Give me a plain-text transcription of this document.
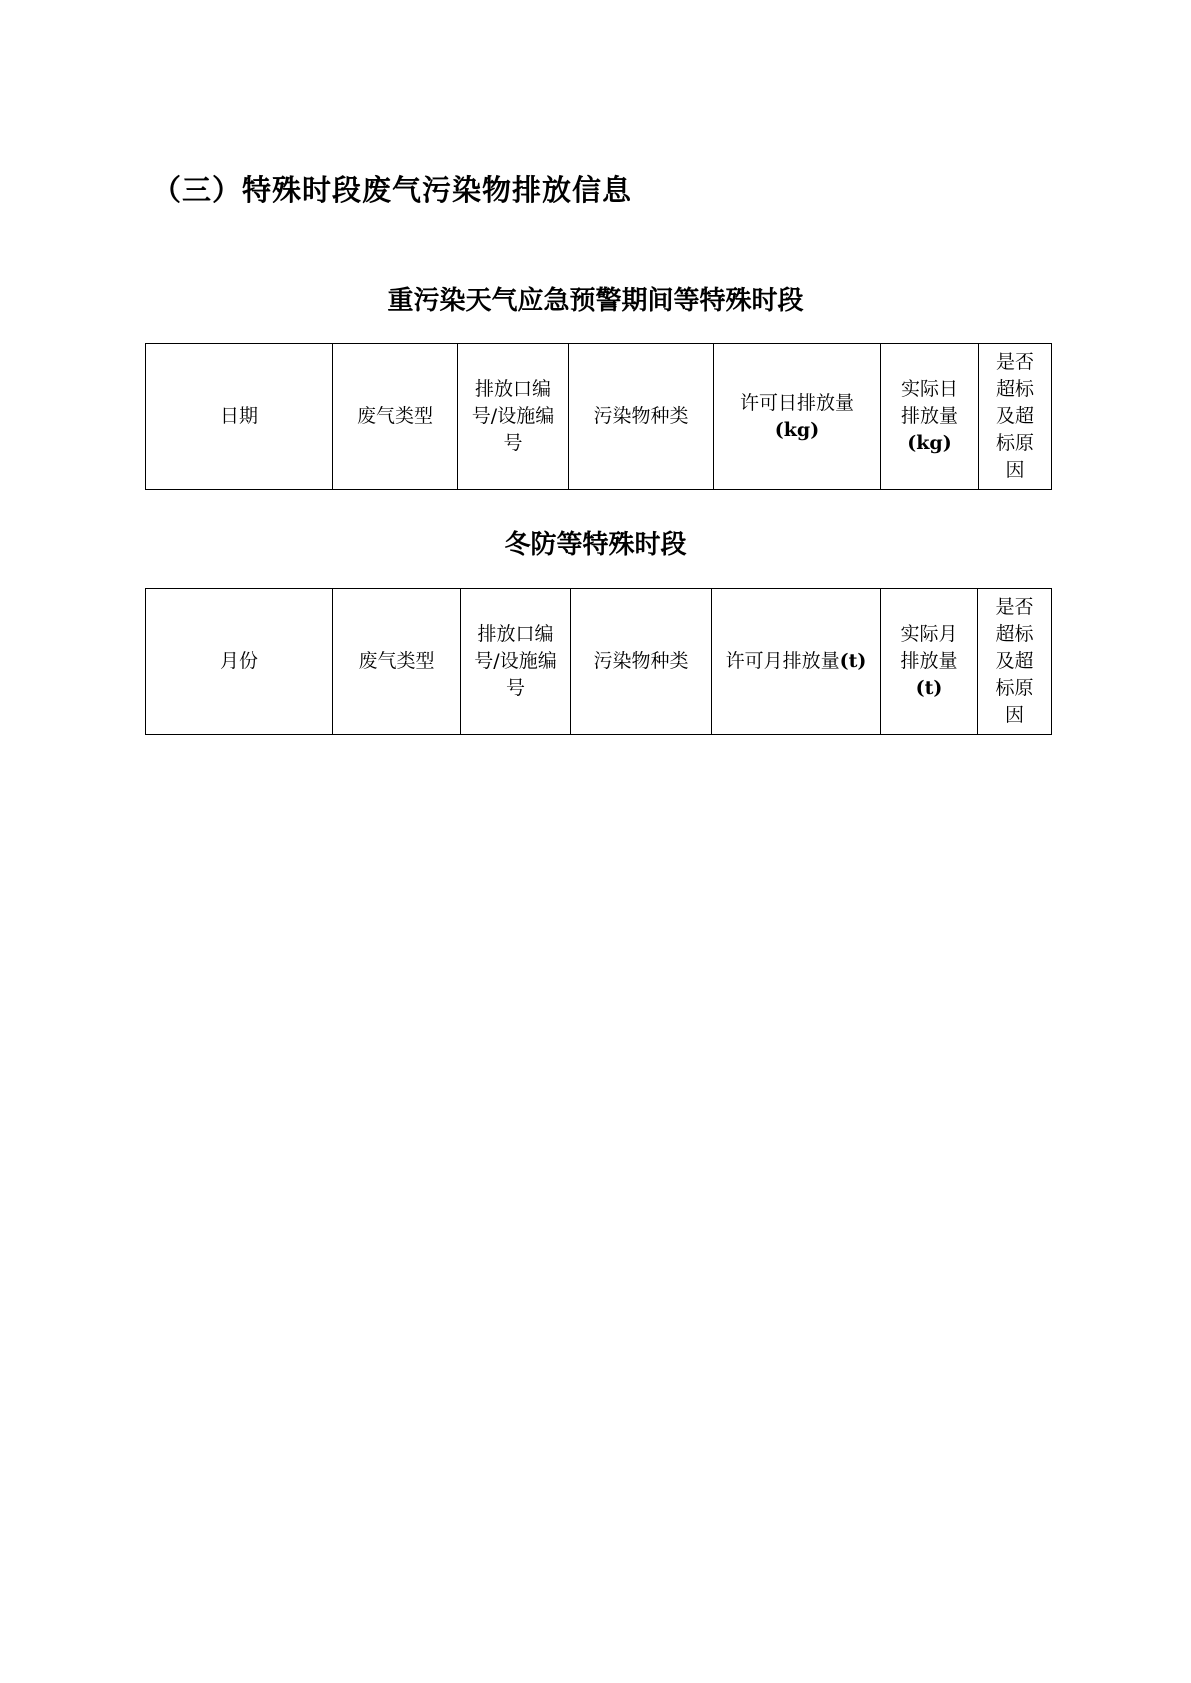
（三）特殊时段废气污染物排放信息
重污染天气应急预警期间等特殊时段
日期	废气类型	排放口编
号/设施编
号	污染物种类	许可日排放量
(kg)	实际日
排放量
(kg)	是否
超标
及超
标原
因
冬防等特殊时段
月份	废气类型	排放口编
号/设施编
号	污染物种类	许可月排放量(t)	实际月
排放量
(t)	是否
超标
及超
标原
因
